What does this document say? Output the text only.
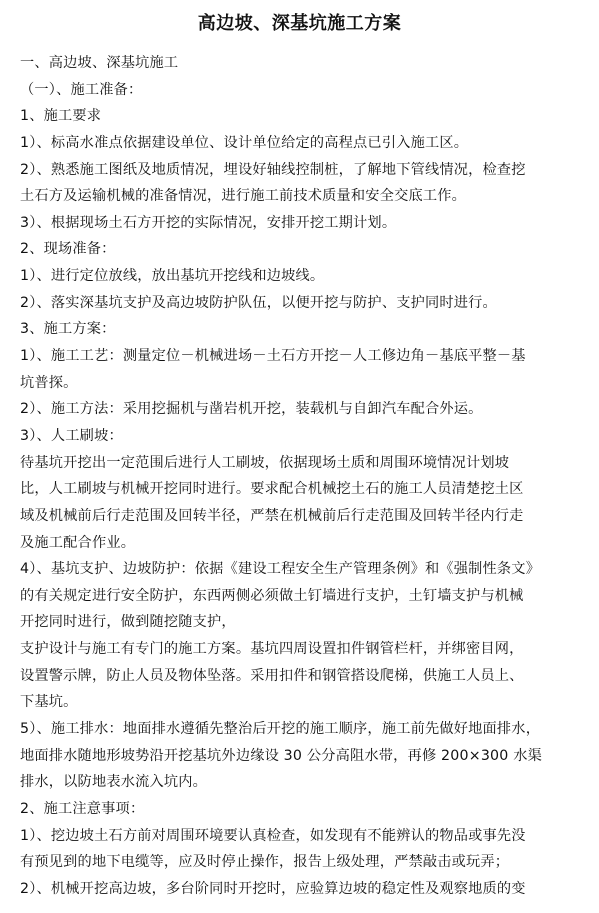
高边坡、深基坑施工方案
一、高边坡、深基坑施工
（一）、施工准备：
1、施工要求
1）、标高水准点依据建设单位、设计单位给定的高程点已引入施工区。
2）、熟悉施工图纸及地质情况，埋设好轴线控制桩，了解地下管线情况，检查挖
土石方及运输机械的准备情况，进行施工前技术质量和安全交底工作。
3）、根据现场土石方开挖的实际情况，安排开挖工期计划。
2、现场准备：
1）、进行定位放线，放出基坑开挖线和边坡线。
2）、落实深基坑支护及高边坡防护队伍，以便开挖与防护、支护同时进行。
3、施工方案：
1）、施工工艺：测量定位－机械进场－土石方开挖－人工修边角－基底平整－基
坑普探。
2）、施工方法：采用挖掘机与凿岩机开挖，装载机与自卸汽车配合外运。
3）、人工刷坡：
待基坑开挖出一定范围后进行人工刷坡，依据现场土质和周围环境情况计划坡
比，人工刷坡与机械开挖同时进行。要求配合机械挖土石的施工人员清楚挖土区
域及机械前后行走范围及回转半径，严禁在机械前后行走范围及回转半径内行走
及施工配合作业。
4）、基坑支护、边坡防护：依据《建设工程安全生产管理条例》和《强制性条文》
的有关规定进行安全防护，东西两侧必须做土钉墙进行支护，土钉墙支护与机械
开挖同时进行，做到随挖随支护，
支护设计与施工有专门的施工方案。基坑四周设置扣件钢管栏杆，并绑密目网，
设置警示牌，防止人员及物体坠落。采用扣件和钢管搭设爬梯，供施工人员上、
下基坑。
5）、施工排水：地面排水遵循先整治后开挖的施工顺序，施工前先做好地面排水，
地面排水随地形坡势沿开挖基坑外边缘设 30 公分高阻水带，再修 200×300 水渠
排水，以防地表水流入坑内。
2、施工注意事项：
1）、挖边坡土石方前对周围环境要认真检查，如发现有不能辨认的物品或事先没
有预见到的地下电缆等，应及时停止操作，报告上级处理，严禁敲击或玩弄；
2）、机械开挖高边坡，多台阶同时开挖时，应验算边坡的稳定性及观察地质的变
